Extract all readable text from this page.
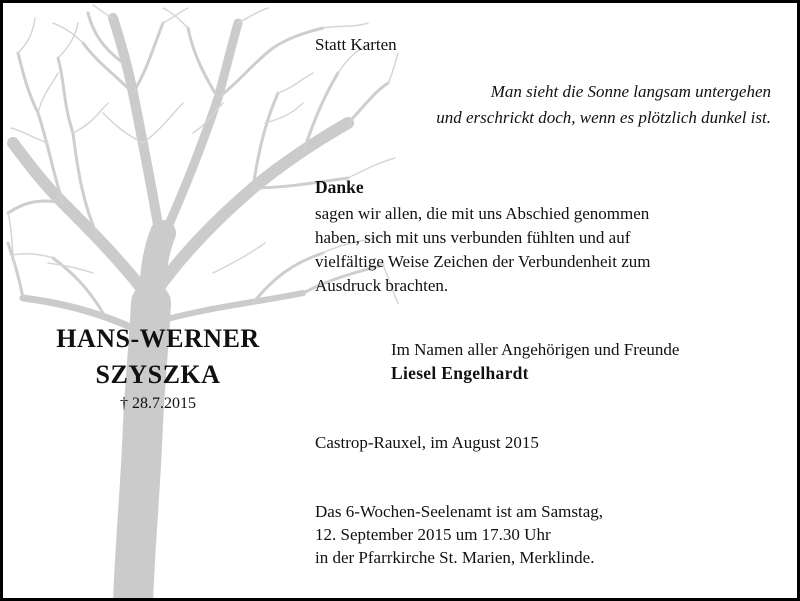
Statt Karten
Man sieht die Sonne langsam untergehen
und erschrickt doch, wenn es plötzlich dunkel ist.
Danke
sagen wir allen, die mit uns Abschied genommen
haben, sich mit uns verbunden fühlten und auf
vielfältige Weise Zeichen der Verbundenheit zum
Ausdruck brachten.
HANS-WERNER
SZYSZKA
† 28.7.2015
Im Namen aller Angehörigen und Freunde
Liesel Engelhardt
Castrop-Rauxel, im August 2015
Das 6-Wochen-Seelenamt ist am Samstag,
12. September 2015 um 17.30 Uhr
in der Pfarrkirche St. Marien, Merklinde.
